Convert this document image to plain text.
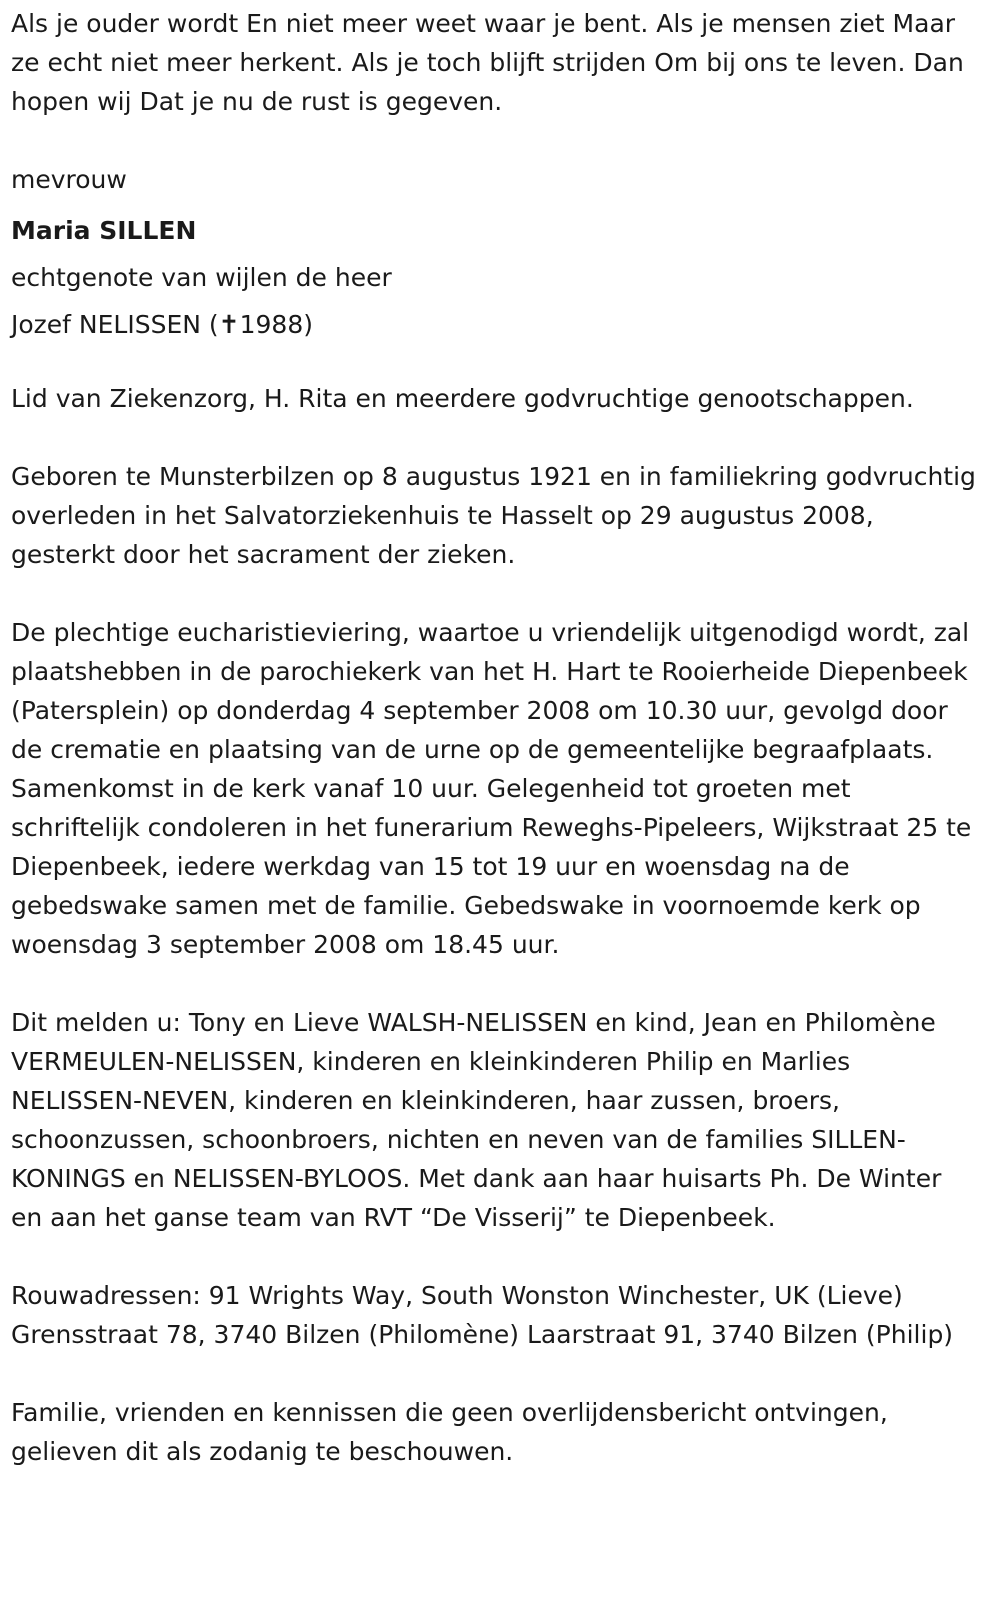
Als je ouder wordt En niet meer weet waar je bent. Als je mensen ziet Maar ze echt niet meer herkent. Als je toch blijft strijden Om bij ons te leven. Dan hopen wij Dat je nu de rust is gegeven.

mevrouw

Maria SILLEN

echtgenote van wijlen de heer

Jozef NELISSEN (✝1988)

Lid van Ziekenzorg, H. Rita en meerdere godvruchtige genootschappen.

Geboren te Munsterbilzen op 8 augustus 1921 en in familiekring godvruchtig overleden in het Salvatorziekenhuis te Hasselt op 29 augustus 2008, gesterkt door het sacrament der zieken.

De plechtige eucharistieviering, waartoe u vriendelijk uitgenodigd wordt, zal plaatshebben in de parochiekerk van het H. Hart te Rooierheide Diepenbeek (Patersplein) op donderdag 4 september 2008 om 10.30 uur, gevolgd door de crematie en plaatsing van de urne op de gemeentelijke begraafplaats. Samenkomst in de kerk vanaf 10 uur. Gelegenheid tot groeten met schriftelijk condoleren in het funerarium Reweghs-Pipeleers, Wijkstraat 25 te Diepenbeek, iedere werkdag van 15 tot 19 uur en woensdag na de gebedswake samen met de familie. Gebedswake in voornoemde kerk op woensdag 3 september 2008 om 18.45 uur.

Dit melden u: Tony en Lieve WALSH-NELISSEN en kind, Jean en Philomène VERMEULEN-NELISSEN, kinderen en kleinkinderen Philip en Marlies NELISSEN-NEVEN, kinderen en kleinkinderen, haar zussen, broers, schoonzussen, schoonbroers, nichten en neven van de families SILLEN-KONINGS en NELISSEN-BYLOOS. Met dank aan haar huisarts Ph. De Winter en aan het ganse team van RVT “De Visserij” te Diepenbeek.

Rouwadressen: 91 Wrights Way, South Wonston Winchester, UK (Lieve) Grensstraat 78, 3740 Bilzen (Philomène) Laarstraat 91, 3740 Bilzen (Philip)

Familie, vrienden en kennissen die geen overlijdensbericht ontvingen, gelieven dit als zodanig te beschouwen.
